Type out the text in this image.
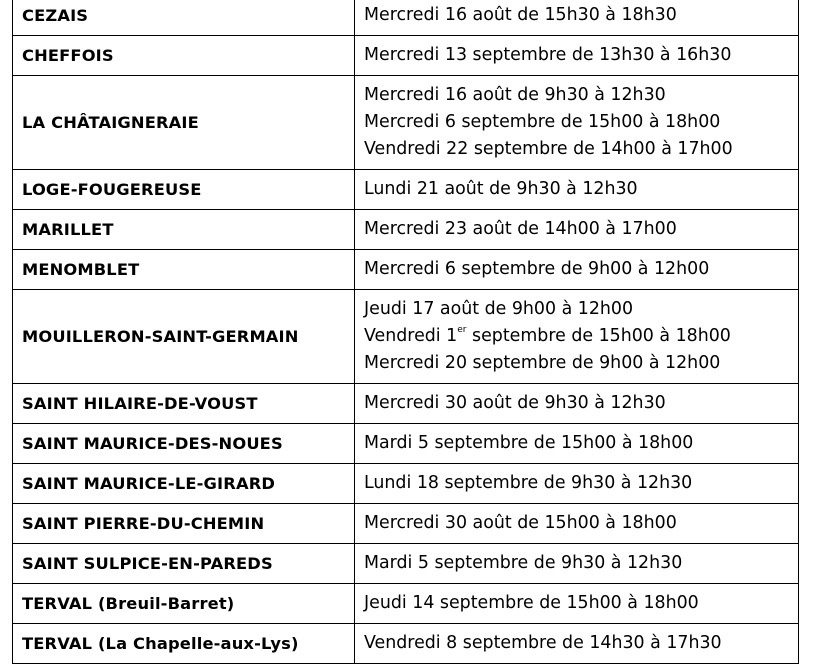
CEZAIS	Mercredi 16 août de 15h30 à 18h30

CHEFFOIS	Mercredi 13 septembre de 13h30 à 16h30

LA CHÂTAIGNERAIE	Mercredi 16 août de 9h30 à 12h30
Mercredi 6 septembre de 15h00 à 18h00
Vendredi 22 septembre de 14h00 à 17h00

LOGE-FOUGEREUSE	Lundi 21 août de 9h30 à 12h30

MARILLET	Mercredi 23 août de 14h00 à 17h00

MENOMBLET	Mercredi 6 septembre de 9h00 à 12h00

MOUILLERON-SAINT-GERMAIN	Jeudi 17 août de 9h00 à 12h00
Vendredi 1er septembre de 15h00 à 18h00
Mercredi 20 septembre de 9h00 à 12h00

SAINT HILAIRE-DE-VOUST	Mercredi 30 août de 9h30 à 12h30

SAINT MAURICE-DES-NOUES	Mardi 5 septembre de 15h00 à 18h00

SAINT MAURICE-LE-GIRARD	Lundi 18 septembre de 9h30 à 12h30

SAINT PIERRE-DU-CHEMIN	Mercredi 30 août de 15h00 à 18h00

SAINT SULPICE-EN-PAREDS	Mardi 5 septembre de 9h30 à 12h30

TERVAL (Breuil-Barret)	Jeudi 14 septembre de 15h00 à 18h00

TERVAL (La Chapelle-aux-Lys)	Vendredi 8 septembre de 14h30 à 17h30
